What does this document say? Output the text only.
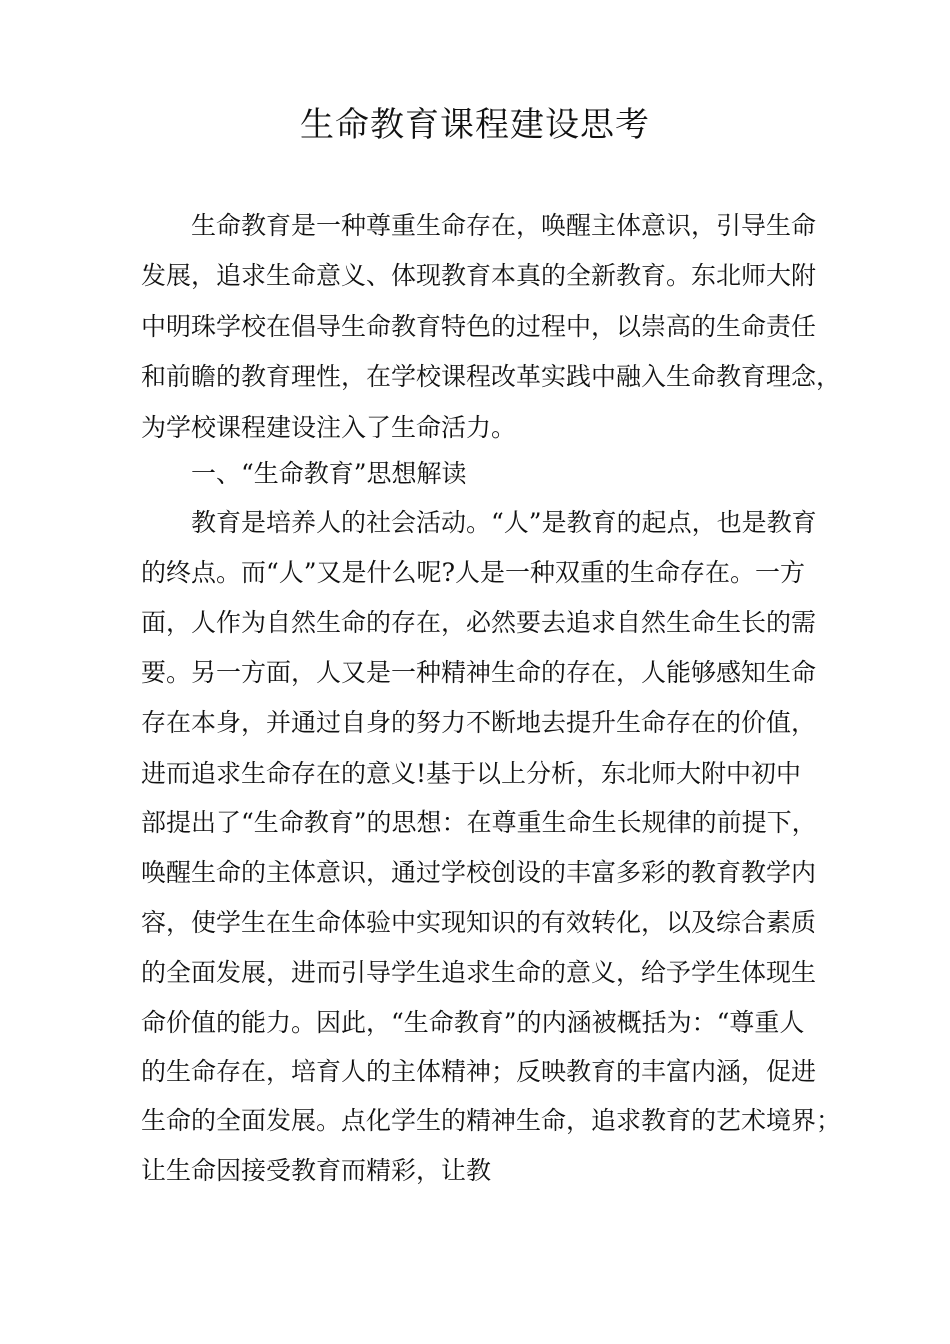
生命教育课程建设思考
生命教育是一种尊重生命存在，唤醒主体意识，引导生命
发展，追求生命意义、体现教育本真的全新教育。东北师大附
中明珠学校在倡导生命教育特色的过程中，以崇高的生命责任
和前瞻的教育理性，在学校课程改革实践中融入生命教育理念，
为学校课程建设注入了生命活力。
一、“生命教育”思想解读
教育是培养人的社会活动。“人”是教育的起点，也是教育
的终点。而“人”又是什么呢?人是一种双重的生命存在。一方
面，人作为自然生命的存在，必然要去追求自然生命生长的需
要。另一方面，人又是一种精神生命的存在，人能够感知生命
存在本身，并通过自身的努力不断地去提升生命存在的价值，
进而追求生命存在的意义!基于以上分析，东北师大附中初中
部提出了“生命教育”的思想：在尊重生命生长规律的前提下，
唤醒生命的主体意识，通过学校创设的丰富多彩的教育教学内
容，使学生在生命体验中实现知识的有效转化，以及综合素质
的全面发展，进而引导学生追求生命的意义，给予学生体现生
命价值的能力。因此，“生命教育”的内涵被概括为：“尊重人
的生命存在，培育人的主体精神；反映教育的丰富内涵，促进
生命的全面发展。点化学生的精神生命，追求教育的艺术境界；
让生命因接受教育而精彩，让教
